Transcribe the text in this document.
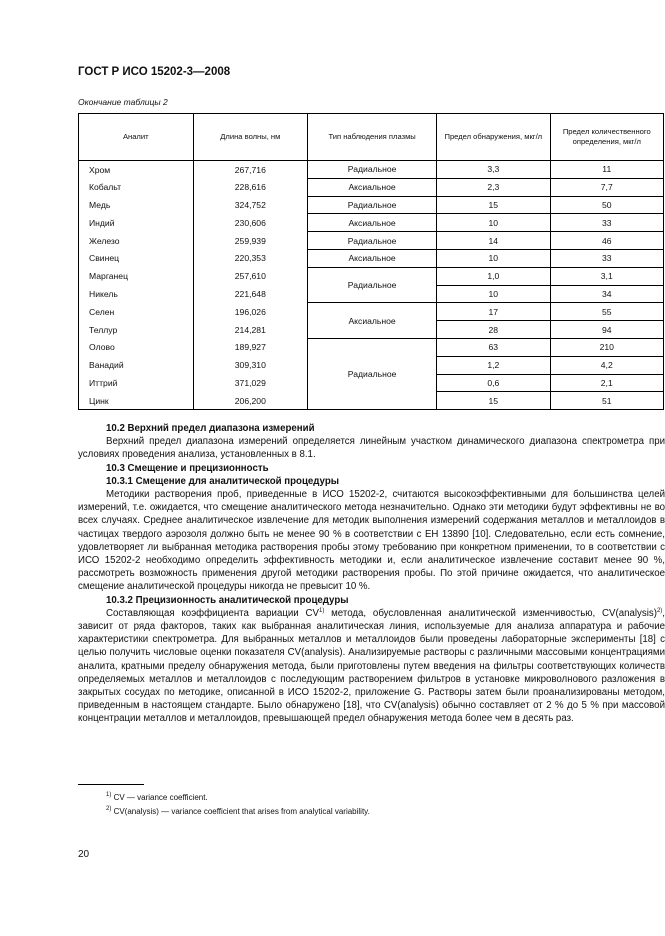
ГОСТ Р ИСО 15202-3—2008
Окончание таблицы 2
Аналит	Длина волны, нм	Тип наблюдения плазмы	Предел обнаружения, мкг/л	Предел количественного определения, мкг/л
Хром	267,716	Радиальное	3,3	11
Кобальт	228,616	Аксиальное	2,3	7,7
Медь	324,752	Радиальное	15	50
Индий	230,606	Аксиальное	10	33
Железо	259,939	Радиальное	14	46
Свинец	220,353	Аксиальное	10	33
Марганец	257,610	Радиальное	1,0	3,1
Никель	221,648		10	34
Селен	196,026	Аксиальное	17	55
Теллур	214,281		28	94
Олово	189,927	Радиальное	63	210
Ванадий	309,310		1,2	4,2
Иттрий	371,029		0,6	2,1
Цинк	206,200		15	51

10.2 Верхний предел диапазона измерений

Верхний предел диапазона измерений определяется линейным участком динамического диапазона спектрометра при условиях проведения анализа, установленных в 8.1.

10.3 Смещение и прецизионность

10.3.1 Смещение для аналитической процедуры

Методики растворения проб, приведенные в ИСО 15202-2, считаются высокоэффективными для большинства целей измерений, т.е. ожидается, что смещение аналитического метода незначительно. Однако эти методики будут эффективны не во всех случаях. Среднее аналитическое извлечение для методик выполнения измерений содержания металлов и металлоидов в частицах твердого аэрозоля должно быть не менее 90 % в соответствии с ЕН 13890 [10]. Следовательно, если есть сомнение, удовлетворяет ли выбранная методика растворения пробы этому требованию при конкретном применении, то в соответствии с ИСО 15202-2 необходимо определить эффективность методики и, если аналитическое извлечение составит менее 90 %, рассмотреть возможность применения другой методики растворения пробы. По этой причине ожидается, что аналитическое смещение аналитической процедуры никогда не превысит 10 %.

10.3.2 Прецизионность аналитической процедуры

Составляющая коэффициента вариации CV$^{1)}$ метода, обусловленная аналитической изменчивостью, CV(analysis)$^{2)}$, зависит от ряда факторов, таких как выбранная аналитическая линия, используемые для анализа аппаратура и рабочие характеристики спектрометра. Для выбранных металлов и металлоидов были проведены лабораторные эксперименты [18] с целью получить числовые оценки показателя CV(analysis). Анализируемые растворы с различными массовыми концентрациями аналита, кратными пределу обнаружения метода, были приготовлены путем введения на фильтры соответствующих количеств определяемых металлов и металлоидов с последующим растворением фильтров в установке микроволнового разложения в закрытых сосудах по методике, описанной в ИСО 15202-2, приложение G. Растворы затем были проанализированы методом, приведенным в настоящем стандарте. Было обнаружено [18], что CV(analysis) обычно составляет от 2 % до 5 % при массовой концентрации металлов и металлоидов, превышающей предел обнаружения метода более чем в десять раз.

$^{1)}$ CV — variance coefficient.
$^{2)}$ CV(analysis) — variance coefficient that arises from analytical variability.
20
